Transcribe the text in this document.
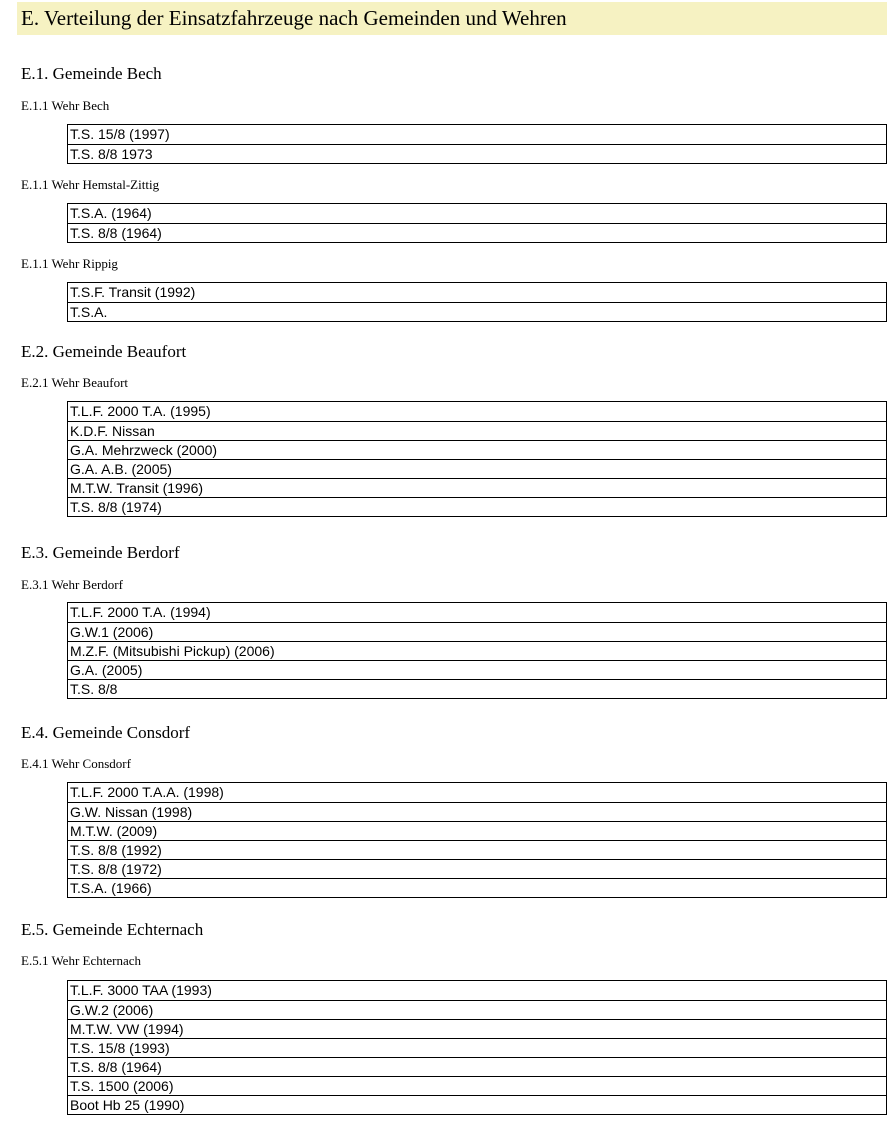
E. Verteilung der Einsatzfahrzeuge nach Gemeinden und Wehren
E.1. Gemeinde Bech
E.1.1 Wehr Bech
T.S. 15/8 (1997)
T.S. 8/8 1973
E.1.1 Wehr Hemstal-Zittig
T.S.A. (1964)
T.S. 8/8 (1964)
E.1.1 Wehr Rippig
T.S.F. Transit (1992)
T.S.A.
E.2. Gemeinde Beaufort
E.2.1 Wehr Beaufort
T.L.F. 2000 T.A. (1995)
K.D.F. Nissan
G.A. Mehrzweck (2000)
G.A. A.B. (2005)
M.T.W. Transit (1996)
T.S. 8/8 (1974)
E.3. Gemeinde Berdorf
E.3.1 Wehr Berdorf
T.L.F. 2000 T.A. (1994)
G.W.1 (2006)
M.Z.F. (Mitsubishi Pickup) (2006)
G.A. (2005)
T.S. 8/8
E.4. Gemeinde Consdorf
E.4.1 Wehr Consdorf
T.L.F. 2000 T.A.A. (1998)
G.W. Nissan (1998)
M.T.W. (2009)
T.S. 8/8 (1992)
T.S. 8/8 (1972)
T.S.A. (1966)
E.5. Gemeinde Echternach
E.5.1 Wehr Echternach
T.L.F. 3000 TAA (1993)
G.W.2 (2006)
M.T.W. VW (1994)
T.S. 15/8 (1993)
T.S. 8/8 (1964)
T.S. 1500 (2006)
Boot Hb 25 (1990)
